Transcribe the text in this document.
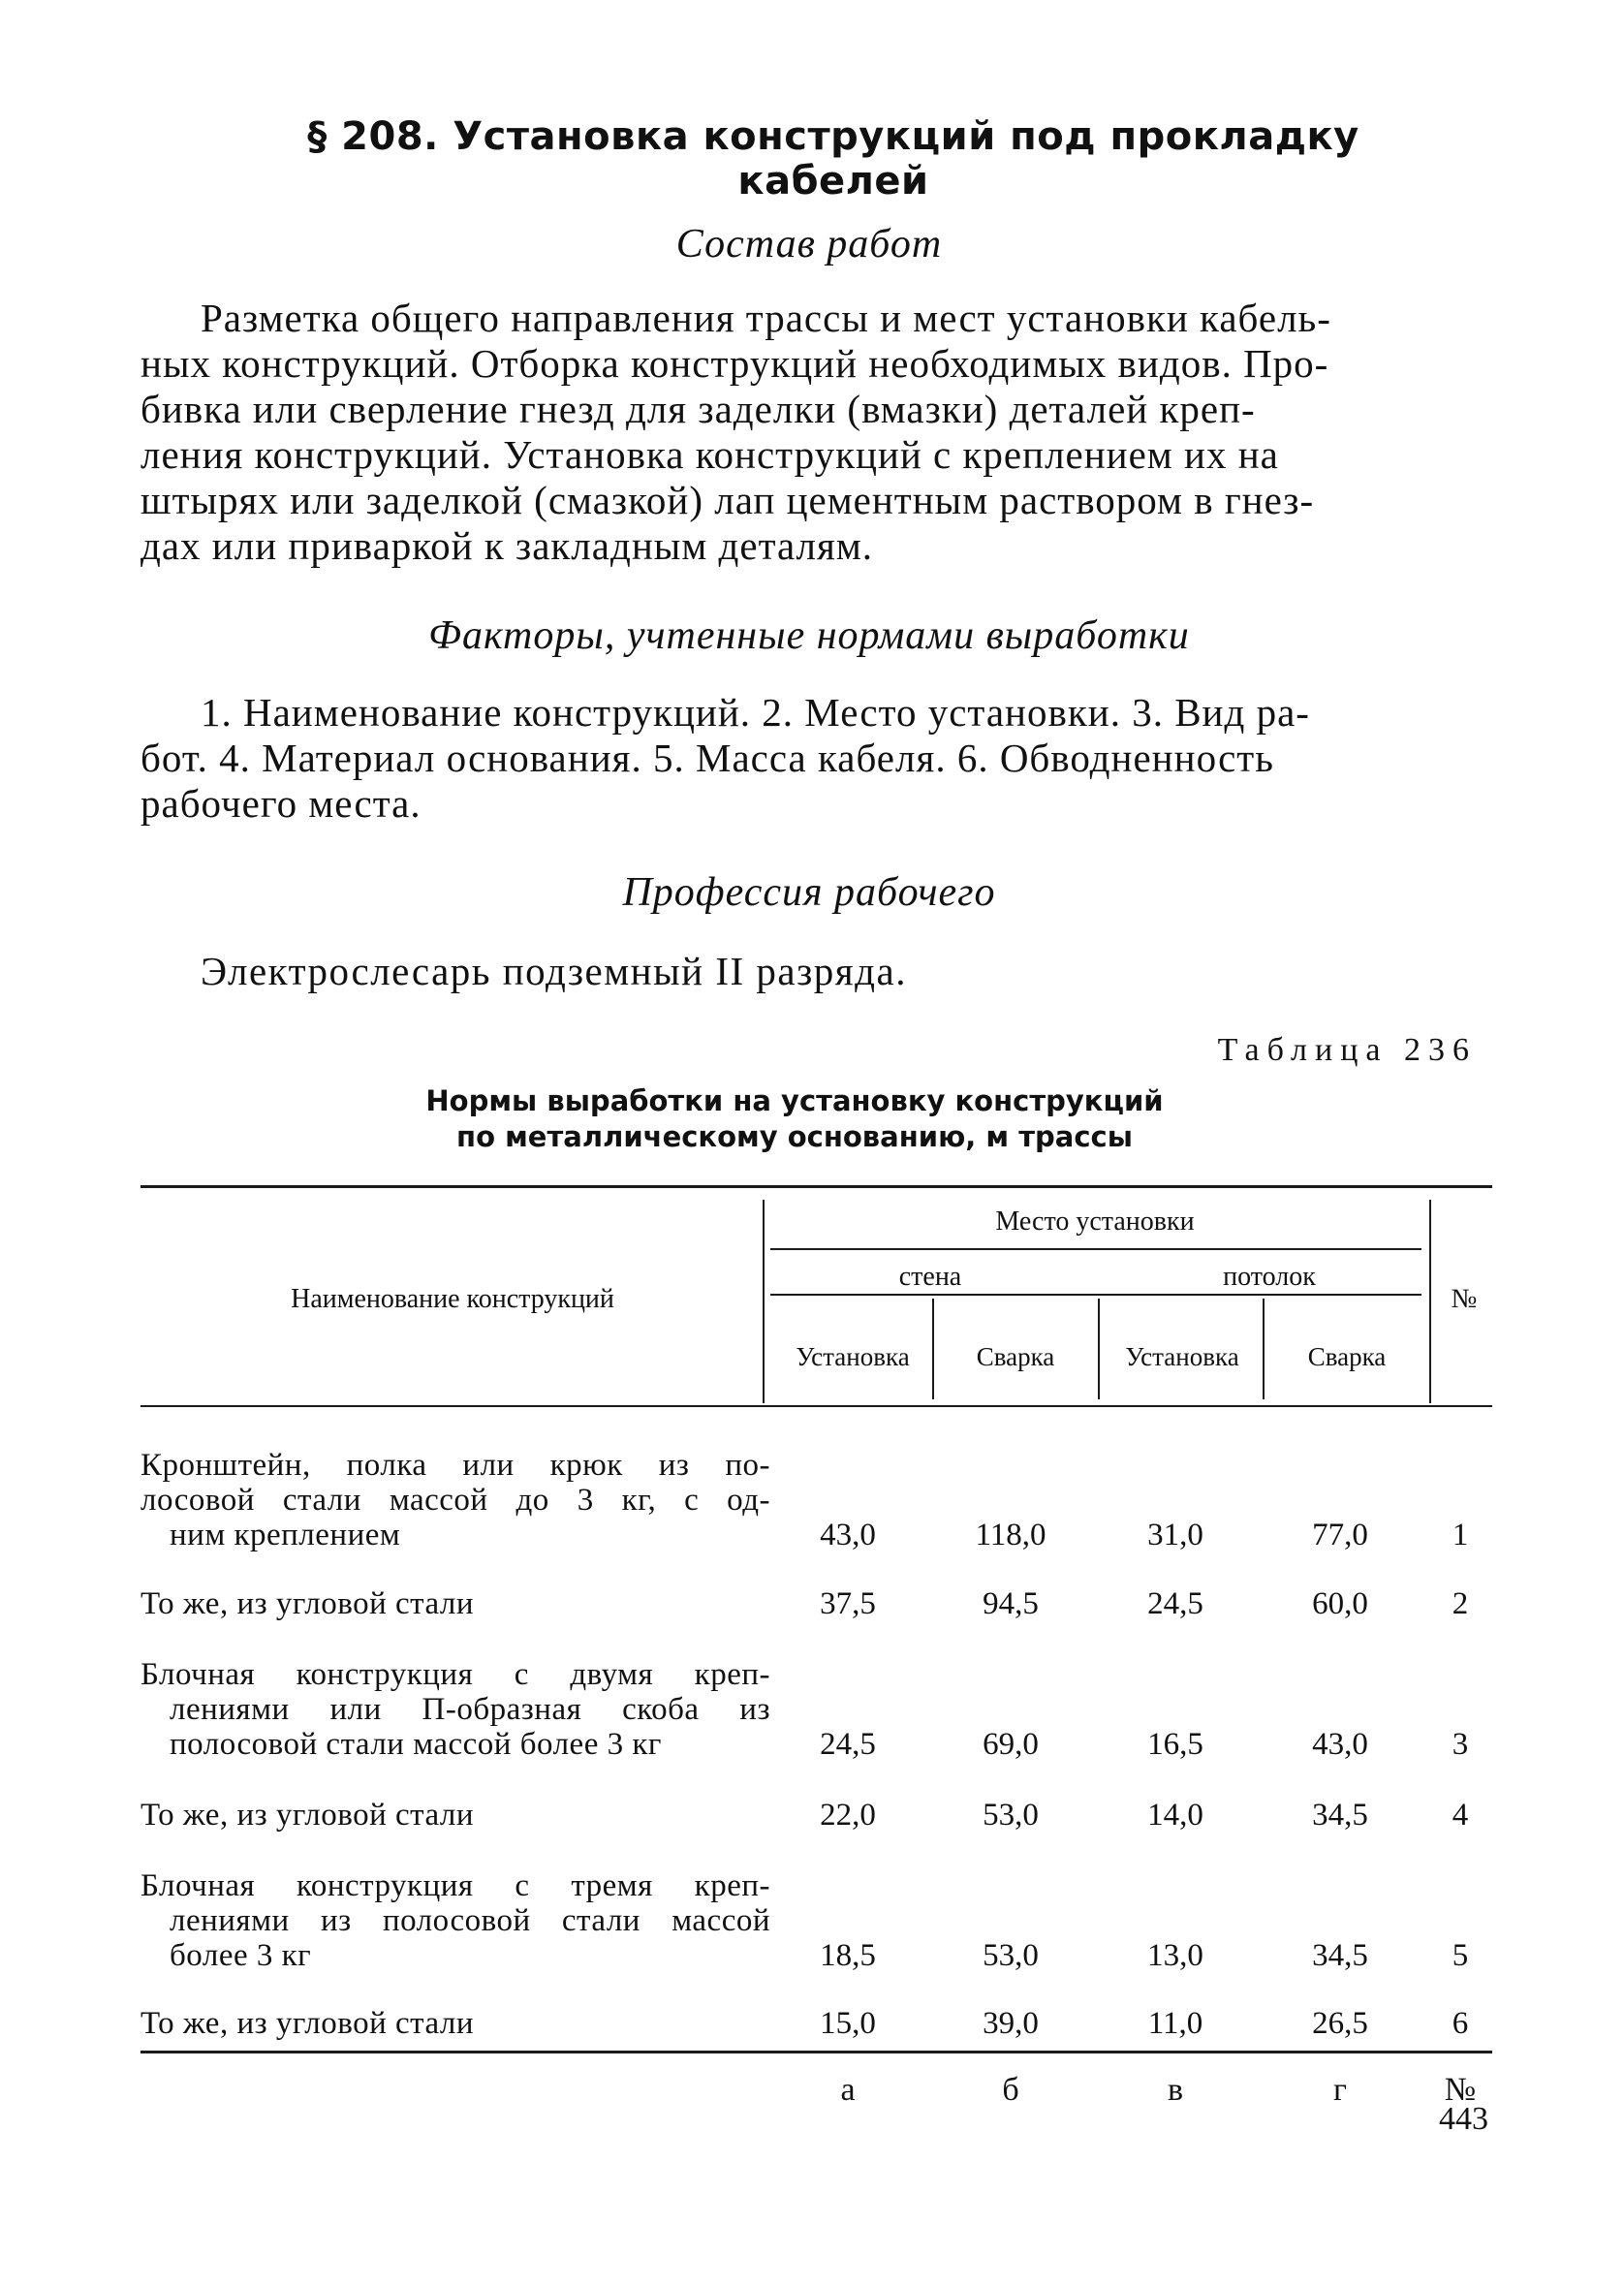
§ 208. Установка конструкций под прокладку кабелей
Состав работ
Разметка общего направления трассы и мест установки кабель-
ных конструкций. Отборка конструкций необходимых видов. Про-
бивка или сверление гнезд для заделки (вмазки) деталей креп-
ления конструкций. Установка конструкций с креплением их на
штырях или заделкой (смазкой) лап цементным раствором в гнез-
дах или приваркой к закладным деталям.
Факторы, учтенные нормами выработки
1. Наименование конструкций. 2. Место установки. 3. Вид ра-
бот. 4. Материал основания. 5. Масса кабеля. 6. Обводненность
рабочего места.
Профессия рабочего
Электрослесарь подземный II разряда.
Таблица 236
Нормы выработки на установку конструкций
по металлическому основанию, м трассы
Наименование конструкций
Место установки
стена	потолок
Установка	Сварка	Установка	Сварка
№
Кронштейн, полка или крюк из по-
лосовой стали массой до 3 кг, с од-
ним креплением	43,0	118,0	31,0	77,0	1
То же, из угловой стали	37,5	94,5	24,5	60,0	2
Блочная конструкция с двумя креп-
лениями или П-образная скоба из
полосовой стали массой более 3 кг	24,5	69,0	16,5	43,0	3
То же, из угловой стали	22,0	53,0	14,0	34,5	4
Блочная конструкция с тремя креп-
лениями из полосовой стали массой
более 3 кг	18,5	53,0	13,0	34,5	5
То же, из угловой стали	15,0	39,0	11,0	26,5	6
а	б	в	г	№
443
